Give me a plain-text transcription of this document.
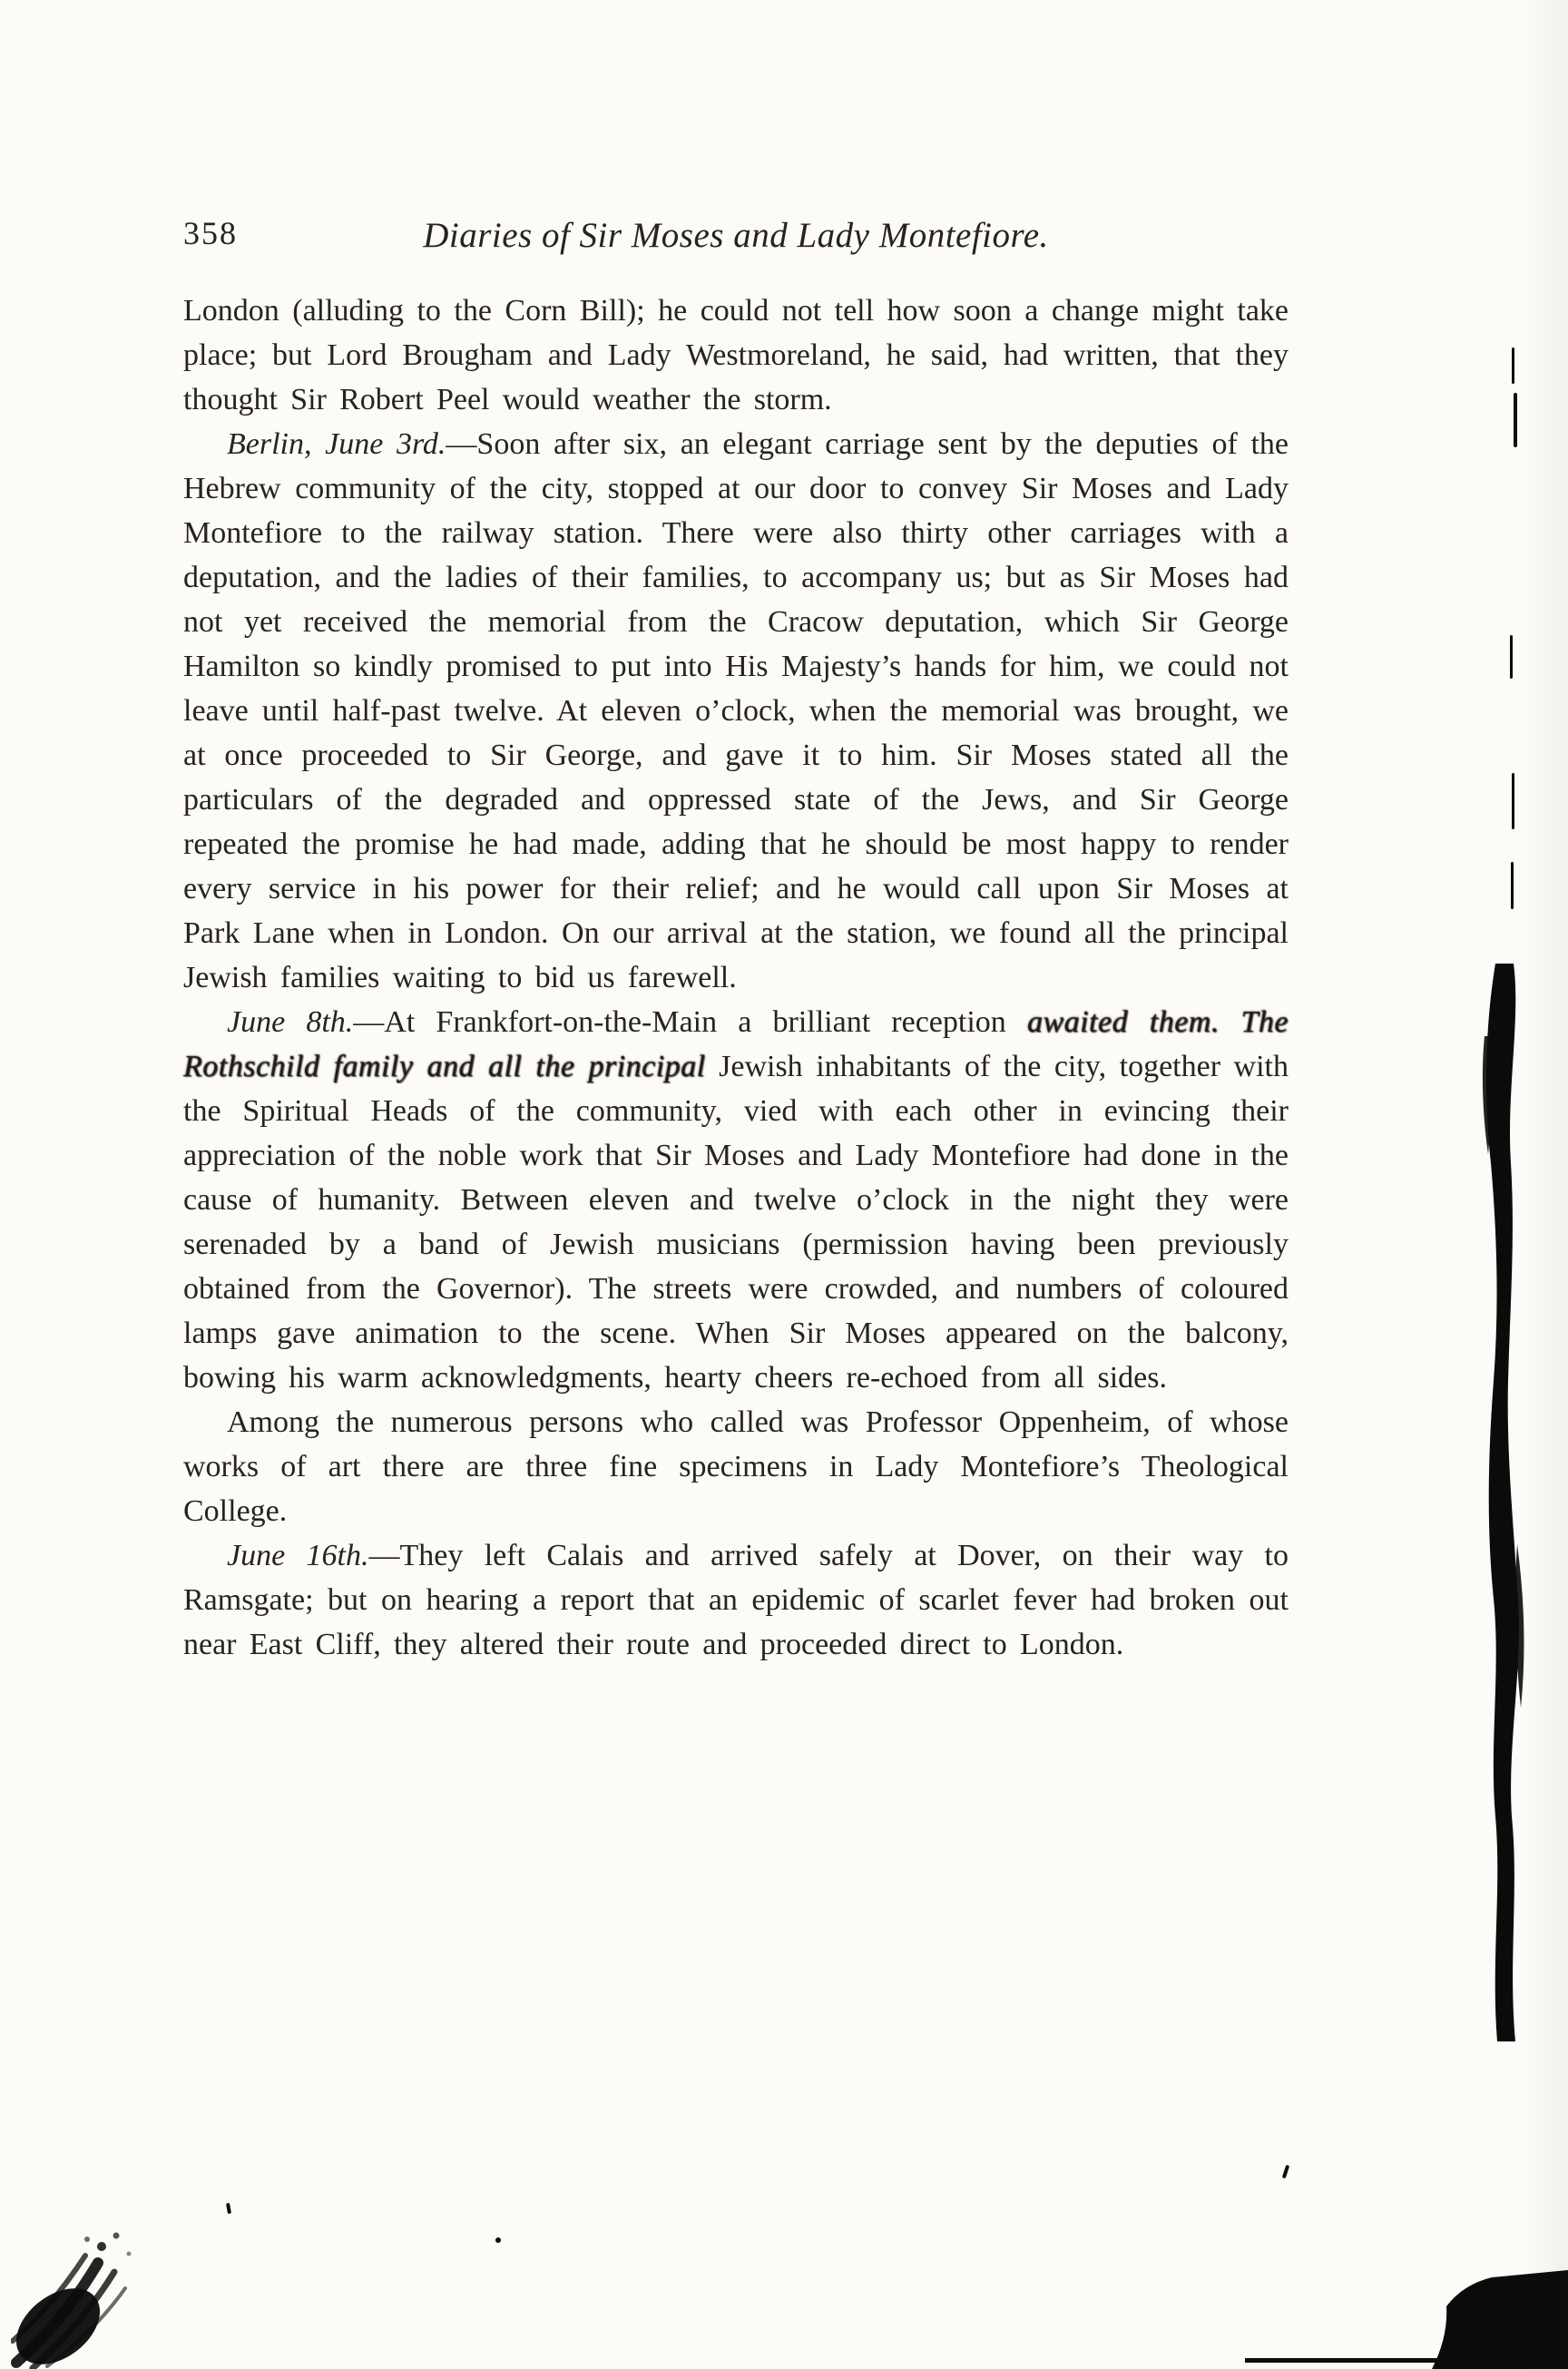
358	Diaries of Sir Moses and Lady Montefiore.

London (alluding to the Corn Bill); he could not tell how soon a change might take place; but Lord Brougham and Lady Westmoreland, he said, had written, that they thought Sir Robert Peel would weather the storm.

Berlin, June 3rd.—Soon after six, an elegant carriage sent by the deputies of the Hebrew community of the city, stopped at our door to convey Sir Moses and Lady Montefiore to the railway station. There were also thirty other carriages with a deputation, and the ladies of their families, to accompany us; but as Sir Moses had not yet received the memorial from the Cracow deputation, which Sir George Hamilton so kindly promised to put into His Majesty’s hands for him, we could not leave until half-past twelve. At eleven o’clock, when the memorial was brought, we at once proceeded to Sir George, and gave it to him. Sir Moses stated all the particulars of the degraded and oppressed state of the Jews, and Sir George repeated the promise he had made, adding that he should be most happy to render every service in his power for their relief; and he would call upon Sir Moses at Park Lane when in London. On our arrival at the station, we found all the principal Jewish families waiting to bid us farewell.

June 8th.—At Frankfort-on-the-Main a brilliant reception awaited them. The Rothschild family and all the principal Jewish inhabitants of the city, together with the Spiritual Heads of the community, vied with each other in evincing their appreciation of the noble work that Sir Moses and Lady Montefiore had done in the cause of humanity. Between eleven and twelve o’clock in the night they were serenaded by a band of Jewish musicians (permission having been previously obtained from the Governor). The streets were crowded, and numbers of coloured lamps gave animation to the scene. When Sir Moses appeared on the balcony, bowing his warm acknowledgments, hearty cheers re-echoed from all sides.

Among the numerous persons who called was Professor Oppenheim, of whose works of art there are three fine specimens in Lady Montefiore’s Theological College.

June 16th.—They left Calais and arrived safely at Dover, on their way to Ramsgate; but on hearing a report that an epidemic of scarlet fever had broken out near East Cliff, they altered their route and proceeded direct to London.
